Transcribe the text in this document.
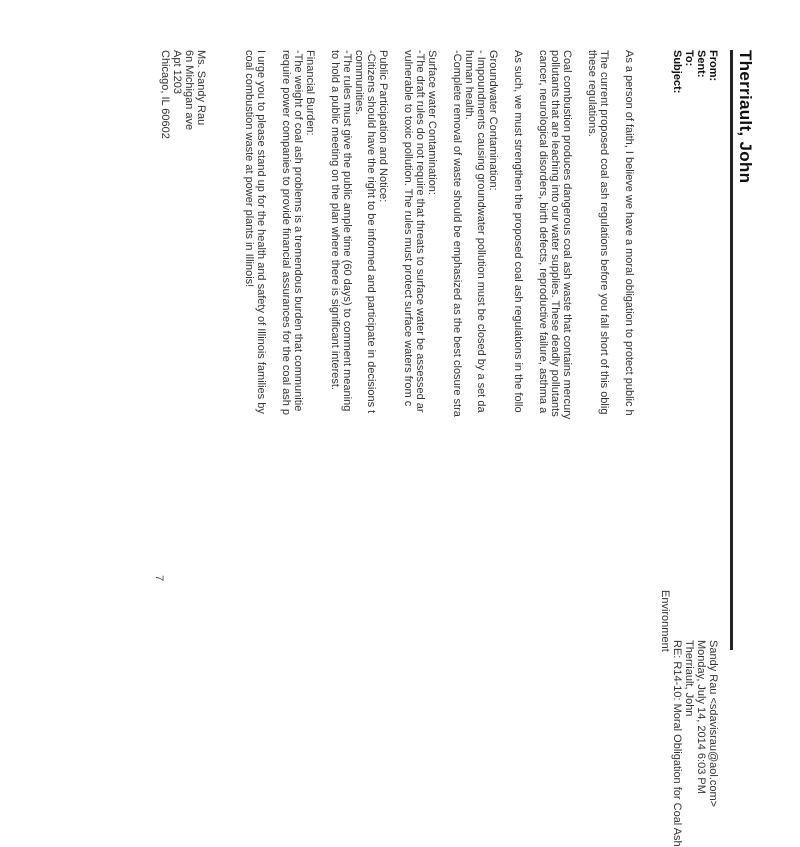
Therriault, John
From:
Sandy Rau <sdavisrau@aol.com>
Sent:
Monday, July 14, 2014 6:03 PM
To:
Therriault, John
Subject:
RE: R14-10: Moral Obligation for Coal Ash
Environment
As a person of faith, I believe we have a moral obligation to protect public h
The current proposed coal ash regulations before you fall short of this oblig
these regulations.
Coal combustion produces dangerous coal ash waste that contains mercury
pollutants that are leaching into our water supplies. These deadly pollutants
cancer, neurological disorders, birth defects, reproductive failure, asthma a
As such, we must strengthen the proposed coal ash regulations in the follo
Groundwater Contamination:
- Impoundments causing groundwater pollution must be closed by a set da
human health.
-Complete removal of waste should be emphasized as the best closure stra
Surface water Contamination:
-The draft rules do not require that threats to surface water be assessed ar
vulnerable to toxic pollution. The rules must protect surface waters from c
Public Participation and Notice:
-Citizens should have the right to be informed and participate in decisions t
communities.
-The rules must give the public ample time (60 days) to comment meaning
to hold a public meeting on the plan where there is significant interest.
Financial Burden:
-The weight of coal ash problems is a tremendous burden that communitie
require power companies to provide financial assurances for the coal ash p
I urge you to please stand up for the health and safety of Illinois families by
coal combustion waste at power plants in Illinois!
Ms. Sandy Rau
6n Michigan ave
Apt 1203
Chicago, IL 60602
7
